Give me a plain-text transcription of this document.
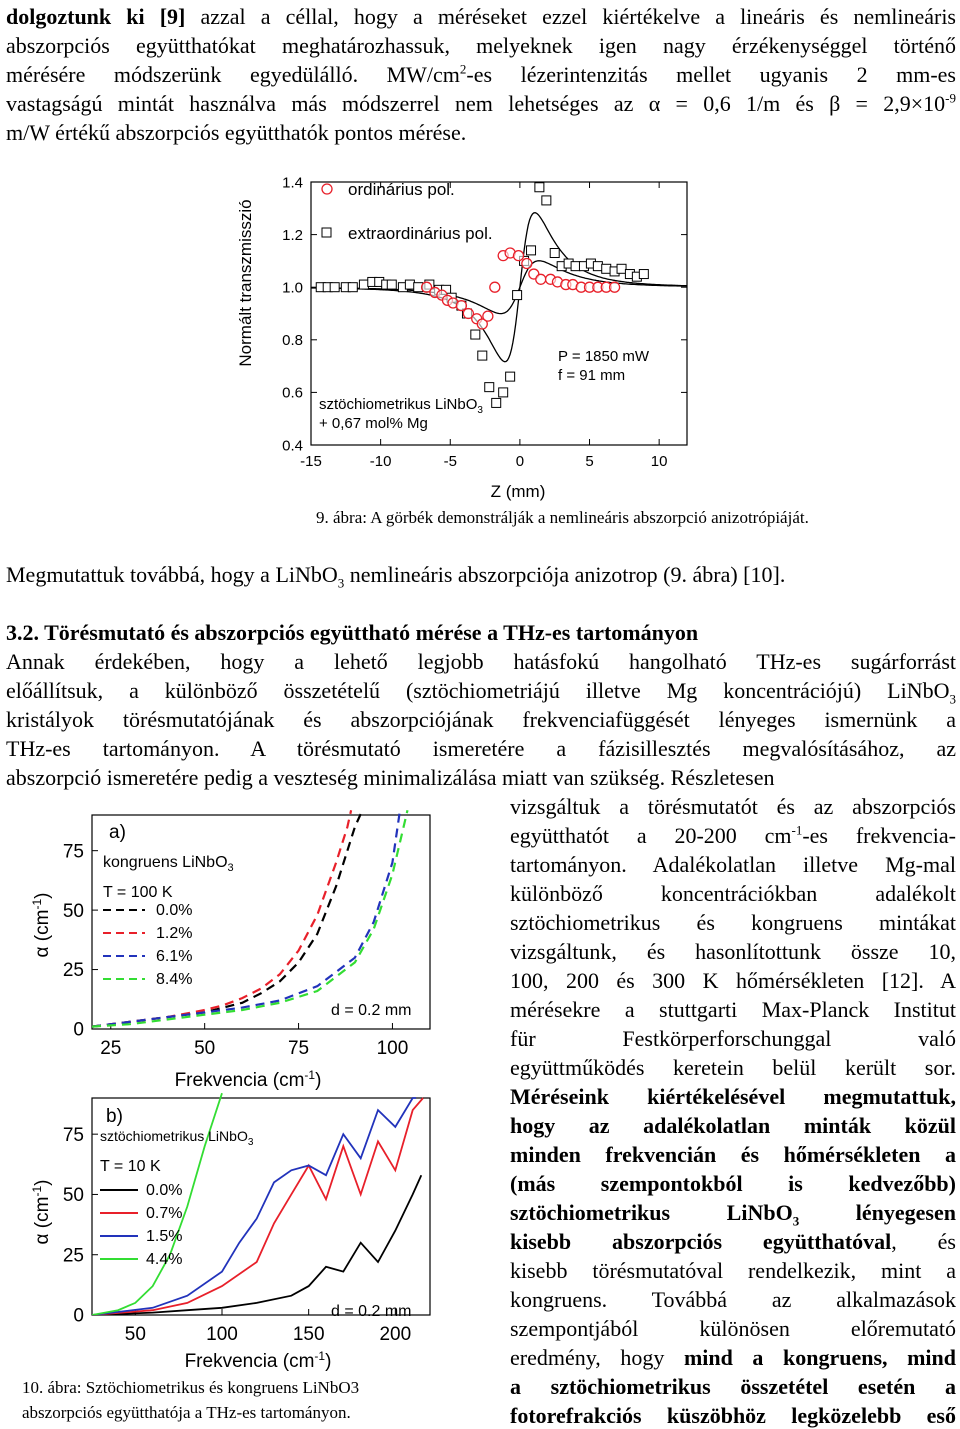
dolgoztunk ki [9] azzal a céllal, hogy a méréseket ezzel kiértékelve a lineáris és nemlineáris
abszorpciós együtthatókat meghatározhassuk, melyeknek igen nagy érzékenységgel történő
mérésére módszerünk egyedülálló. $MW/cm^2-es$ lézerintenzitás mellet ugyanis 2 mm-es
vastagságú mintát használva más módszerrel nem lehetséges az α = 0,6 1/m és $\beta = 2,9\times 10^{-9}$
m/W értékű abszorpciós együtthatók pontos mérése.
Normált transzmisszió
-15	-10	-5	0	5	10
0.4
0.6
0.8
1.0
1.2
1.4	ordinárius pol.
extraordinárius pol.
sztöchiometrikus LiNbO$_3$
+ 0,67 mol% Mg
P = 1850 mW
f = 91 mm
Z (mm)
9. ábra: A görbék demonstrálják a nemlineáris abszorpció anizotrópiáját.
Megmutattuk továbbá, hogy a LiNbO$_3$ nemlineáris abszorpciója anizotrop (9. ábra) [10].
3.2. Törésmutató és abszorpciós együttható mérése a THz-es tartományon
Annak érdekében, hogy a lehető legjobb hatásfokú hangolható THz-es sugárforrást
előállítsuk, a különböző összetételű (sztöchiometriájú illetve Mg koncentrációjú) LiNbO$_3$
kristályok törésmutatójának és abszorpciójának frekvenciafüggését lényeges ismernünk a
THz-es tartományon. A törésmutató ismeretére a fázisillesztés megvalósításához, az
abszorpció ismeretére pedig a veszteség minimalizálása miatt van szükség. Részletesen
vizsgáltuk a törésmutatót és az abszorpciós
együtthatót a 20-200 $cm^{-1}-es$ frekvencia-
tartományon. Adalékolatlan illetve Mg-mal
különböző koncentrációkban adalékolt
sztöchiometrikus és kongruens mintákat
vizsgáltunk, és hasonlítottunk össze 10,
100, 200 és 300 K hőmérsékleten [12]. A
mérésekre a stuttgarti Max-Planck Institut
für Festkörperforschunggal való
együttműködés keretein belül került sor.
Méréseink kiértékelésével megmutattuk,
hogy az adalékolatlan minták közül
minden frekvencián és hőmérsékleten a
(más szempontokból is kedvezőbb)
sztöchiometrikus LiNbO$_3$ lényegesen
kisebb abszorpciós együtthatóval, és
kisebb törésmutatóval rendelkezik, mint a
kongruens. Továbbá az alkalmazások
szempontjából különösen előremutató
eredmény, hogy mind a kongruens, mind
a sztöchiometrikus összetétel esetén a
fotorefrakciós küszöbhöz legközelebb eső
α $(cm^{-1})$
25	50	75	100
0
25
50
75
a)
kongruens LiNbO$_3$
T = 100 K
0.0%
1.2%
6.1%
8.4%
d = 0.2 mm
Frekvencia $(cm^{-1})$
α $(cm^{-1})$
50	100	150	200
0
25
50
75
b)
sztöchiometrikus LiNbO$_3$
T = 10 K
0.0%
0.7%
1.5%
4.4%
d = 0.2 mm
Frekvencia $(cm^{-1})$
10. ábra: Sztöchiometrikus és kongruens LiNbO3
abszorpciós együtthatója a THz-es tartományon.
